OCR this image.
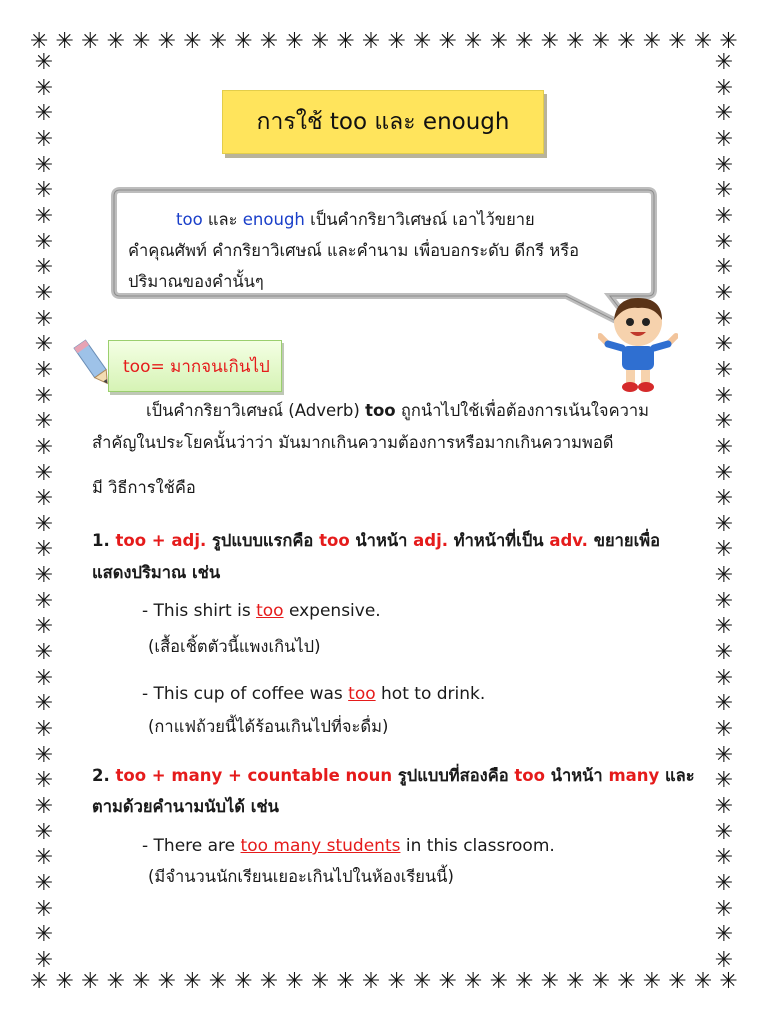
✳ ✳ ✳ ✳ ✳ ✳ ✳ ✳ ✳ ✳ ✳ ✳ ✳ ✳ ✳ ✳ ✳ ✳ ✳ ✳ ✳ ✳ ✳ ✳ ✳ ✳ ✳ ✳
✳ ✳ ✳ ✳ ✳ ✳ ✳ ✳ ✳ ✳ ✳ ✳ ✳ ✳ ✳ ✳ ✳ ✳ ✳ ✳ ✳ ✳ ✳ ✳ ✳ ✳ ✳ ✳
✳
✳
✳
✳
✳
✳
✳
✳
✳
✳
✳
✳
✳
✳
✳
✳
✳
✳
✳
✳
✳
✳
✳
✳
✳
✳
✳
✳
✳
✳
✳
✳
✳
✳
✳
✳
✳
✳
✳
✳
✳
✳
✳
✳
✳
✳
✳
✳
✳
✳
✳
✳
✳
✳
✳
✳
✳
✳
✳
✳
✳
✳
✳
✳
✳
✳
✳
✳
✳
✳
✳
✳
การใช้ too และ enough
too และ enough เป็นคำกริยาวิเศษณ์ เอาไว้ขยาย
คำคุณศัพท์ คำกริยาวิเศษณ์ และคำนาม เพื่อบอกระดับ ดีกรี หรือ
ปริมาณของคำนั้นๆ
too= มากจนเกินไป
เป็นคำกริยาวิเศษณ์ (Adverb) too ถูกนำไปใช้เพื่อต้องการเน้นใจความ
สำคัญในประโยคนั้นว่าว่า มันมากเกินความต้องการหรือมากเกินความพอดี
มี วิธีการใช้คือ
1. too + adj. รูปแบบแรกคือ too นำหน้า adj. ทำหน้าที่เป็น adv. ขยายเพื่อ
แสดงปริมาณ เช่น
- This shirt is too expensive.
(เสื้อเชิ้ตตัวนี้แพงเกินไป)
- This cup of coffee was too hot to drink.
(กาแฟถ้วยนี้ได้ร้อนเกินไปที่จะดื่ม)
2. too + many + countable noun รูปแบบที่สองคือ too นำหน้า many และ
ตามด้วยคำนามนับได้ เช่น
- There are too many students in this classroom.
(มีจำนวนนักเรียนเยอะเกินไปในห้องเรียนนี้)
